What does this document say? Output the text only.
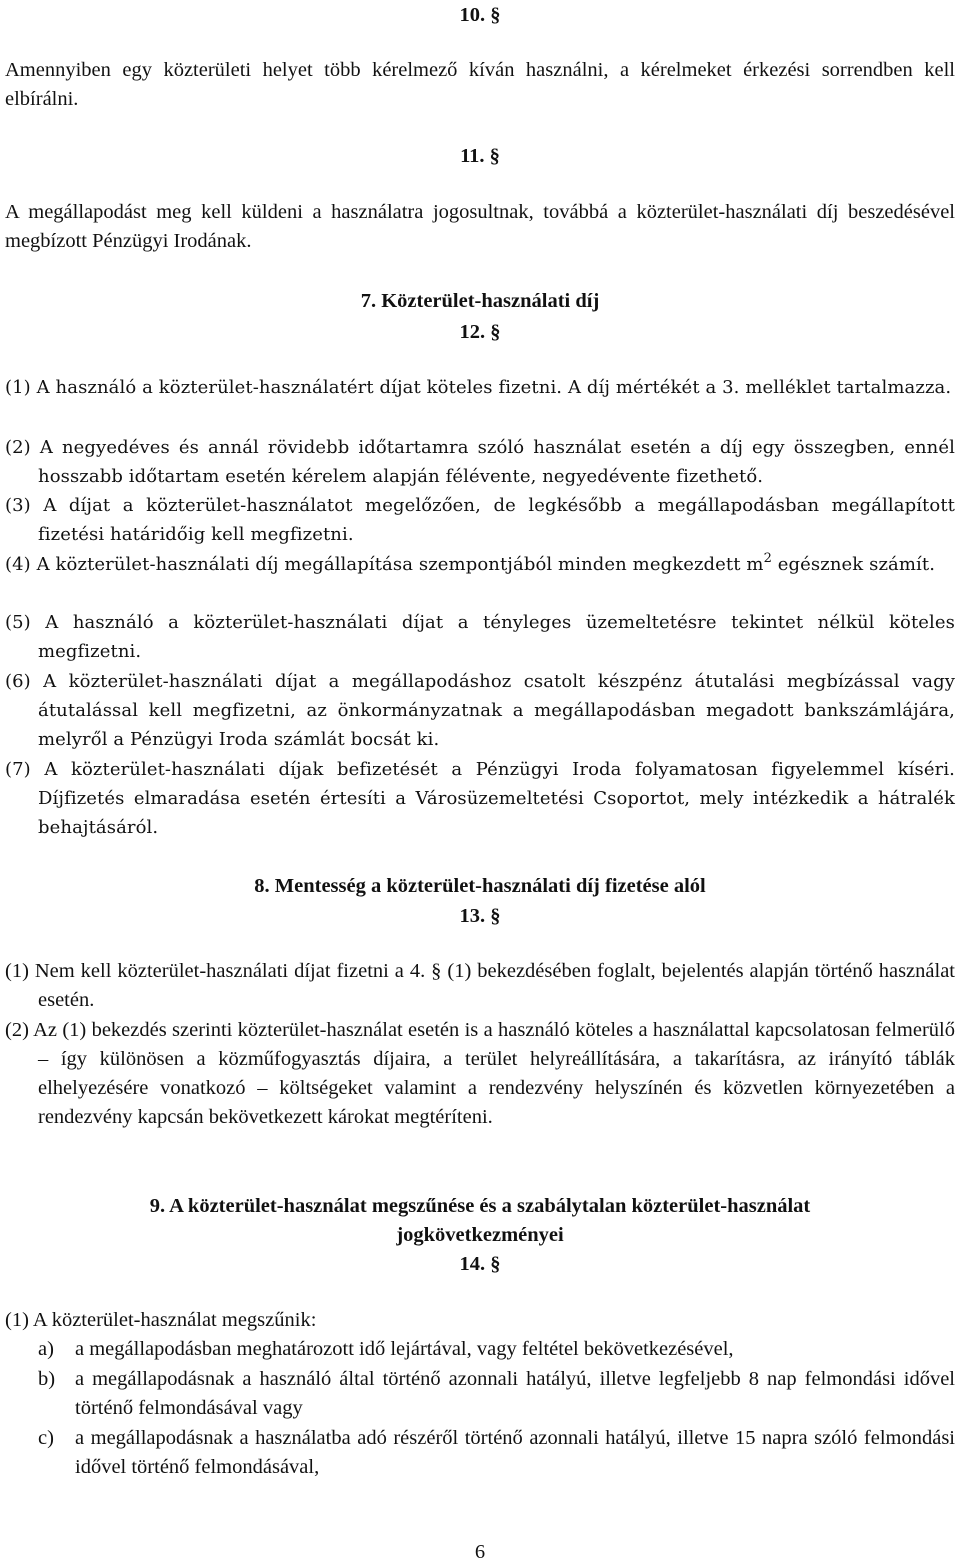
10. §
Amennyiben egy közterületi helyet több kérelmező kíván használni, a kérelmeket érkezési sorrendben kell elbírálni.
11. §
A megállapodást meg kell küldeni a használatra jogosultnak, továbbá a közterület-használati díj beszedésével megbízott Pénzügyi Irodának.
7. Közterület-használati díj
12. §
(1) A használó a közterület-használatért díjat köteles fizetni. A díj mértékét a 3. melléklet tartalmazza.
(2) A negyedéves és annál rövidebb időtartamra szóló használat esetén a díj egy összegben, ennél hosszabb időtartam esetén kérelem alapján félévente, negyedévente fizethető.
(3) A díjat a közterület-használatot megelőzően, de legkésőbb a megállapodásban megállapított fizetési határidőig kell megfizetni.
(4) A közterület-használati díj megállapítása szempontjából minden megkezdett $m^2$ egésznek számít.
(5) A használó a közterület-használati díjat a tényleges üzemeltetésre tekintet nélkül köteles megfizetni.
(6) A közterület-használati díjat a megállapodáshoz csatolt készpénz átutalási megbízással vagy átutalással kell megfizetni, az önkormányzatnak a megállapodásban megadott bankszámlájára, melyről a Pénzügyi Iroda számlát bocsát ki.
(7) A közterület-használati díjak befizetését a Pénzügyi Iroda folyamatosan figyelemmel kíséri. Díjfizetés elmaradása esetén értesíti a Városüzemeltetési Csoportot, mely intézkedik a hátralék behajtásáról.
8. Mentesség a közterület-használati díj fizetése alól
13. §
(1) Nem kell közterület-használati díjat fizetni a 4. § (1) bekezdésében foglalt, bejelentés alapján történő használat esetén.
(2) Az (1) bekezdés szerinti közterület-használat esetén is a használó köteles a használattal kapcsolatosan felmerülő – így különösen a közműfogyasztás díjaira, a terület helyreállítására, a takarításra, az irányító táblák elhelyezésére vonatkozó – költségeket valamint a rendezvény helyszínén és közvetlen környezetében a rendezvény kapcsán bekövetkezett károkat megtéríteni.
9. A közterület-használat megszűnése és a szabálytalan közterület-használat
jogkövetkezményei
14. §
(1) A közterület-használat megszűnik:
a) a megállapodásban meghatározott idő lejártával, vagy feltétel bekövetkezésével,
b) a megállapodásnak a használó által történő azonnali hatályú, illetve legfeljebb 8 nap felmondási idővel történő felmondásával vagy
c) a megállapodásnak a használatba adó részéről történő azonnali hatályú, illetve 15 napra szóló felmondási idővel történő felmondásával,
6
